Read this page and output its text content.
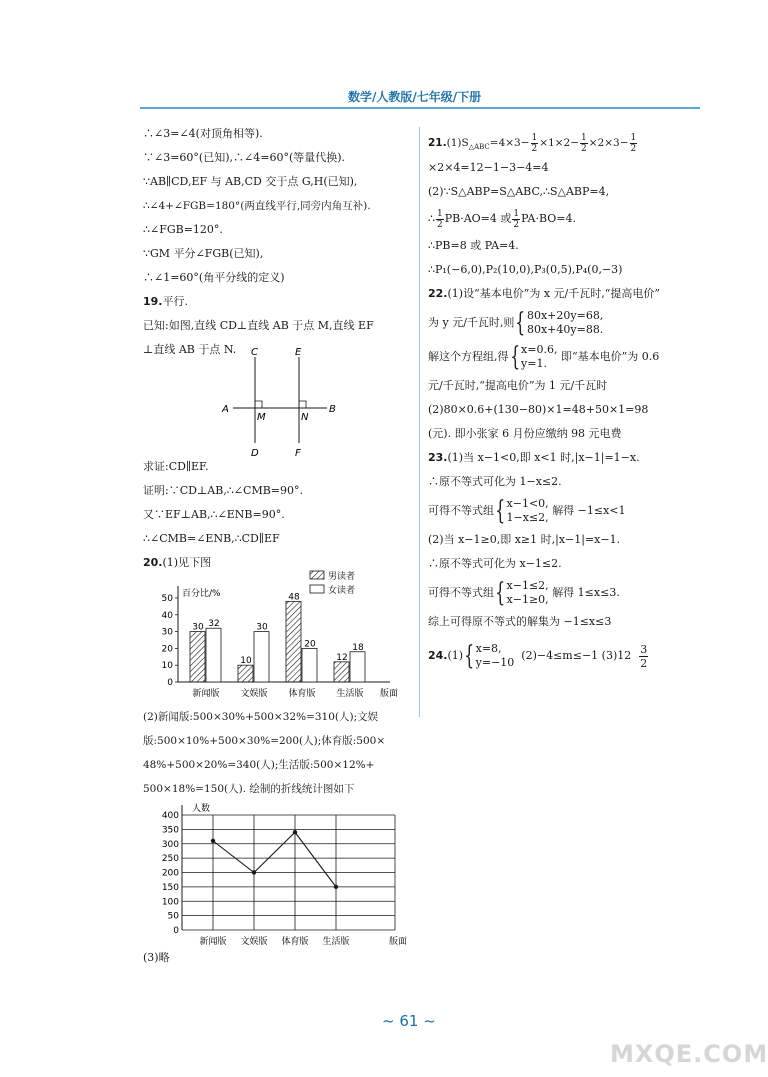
数学/人教版/七年级/下册
∴∠3=∠4(对顶角相等).
∵∠3=60°(已知),∴∠4=60°(等量代换).
∵AB∥CD,EF 与 AB,CD 交于点 G,H(已知),
∴∠4+∠FGB=180°(两直线平行,同旁内角互补).
∴∠FGB=120°.
∵GM 平分∠FGB(已知),
∴∠1=60°(角平分线的定义)
19.平行.
已知:如图,直线 CD⊥直线 AB 于点 M,直线 EF
⊥直线 AB 于点 N.	C	E
A
M	N
B
D	F
求证:CD∥EF.
证明:∵CD⊥AB,∴∠CMB=90°.
又∵EF⊥AB,∴∠ENB=90°.
∴∠CMB=∠ENB,∴CD∥EF
20.(1)见下图
0
10
20
30
40
50 百分比/%
版面
男读者
女读者
30 32
新闻版
10
30
文娱版
48
20
体育版
12
18
生活版
(2)新闻版:500×30%+500×32%=310(人);文娱
版:500×10%+500×30%=200(人);体育版:500×
48%+500×20%=340(人);生活版:500×12%+
500×18%=150(人). 绘制的折线统计图如下
0
50
100
150
200
250
300
350
400
人数
新闻版 文娱版 体育版 生活版	版面
(3)略
$21.(1)S_{\triangle ABC}=4\times 3- \frac{1}{2} \times 1\times 2- \frac{1}{2} \times 2\times 3- \frac{1}{2}$
×2×4=12−1−3−4=4
(2)∵S△ABP=S△ABC,∴S△ABP=4,
∴ $\frac{1}{2} PB\cdot AO=4$ 或 $\frac{1}{2} PA\cdot BO=4$.
∴PB=8 或 PA=4.
∴P₁(−6,0),P₂(10,0),P₃(0,5),P₄(0,−3)
22.(1)设“基本电价”为 x 元/千瓦时,“提高电价”
为 y 元/千瓦时,则{ 80x+20y=68,
80x+40y=88.
解这个方程组,得{ x=0.6,
y=1.
即“基本电价”为 0.6
元/千瓦时,“提高电价”为 1 元/千瓦时
(2)80×0.6+(130−80)×1=48+50×1=98
(元). 即小张家 6 月份应缴纳 98 元电费
23.(1)当 x−1<0,即 x<1 时,|x−1|=1−x.
∴原不等式可化为 1−x≤2.
可得不等式组{ x−1<0,
1−x≤2,
解得 −1≤x<1
(2)当 x−1≥0,即 x≥1 时,|x−1|=x−1.
∴原不等式可化为 x−1≤2.
可得不等式组{ x−1≤2,
x−1≥0,
解得 1≤x≤3.
综上可得原不等式的解集为 −1≤x≤3
24.(1){ x=8,
y=−10
(2)−4≤m≤−1 $(3)12 \frac{3}{2}$
~ 61 ~
MXQE.COM
